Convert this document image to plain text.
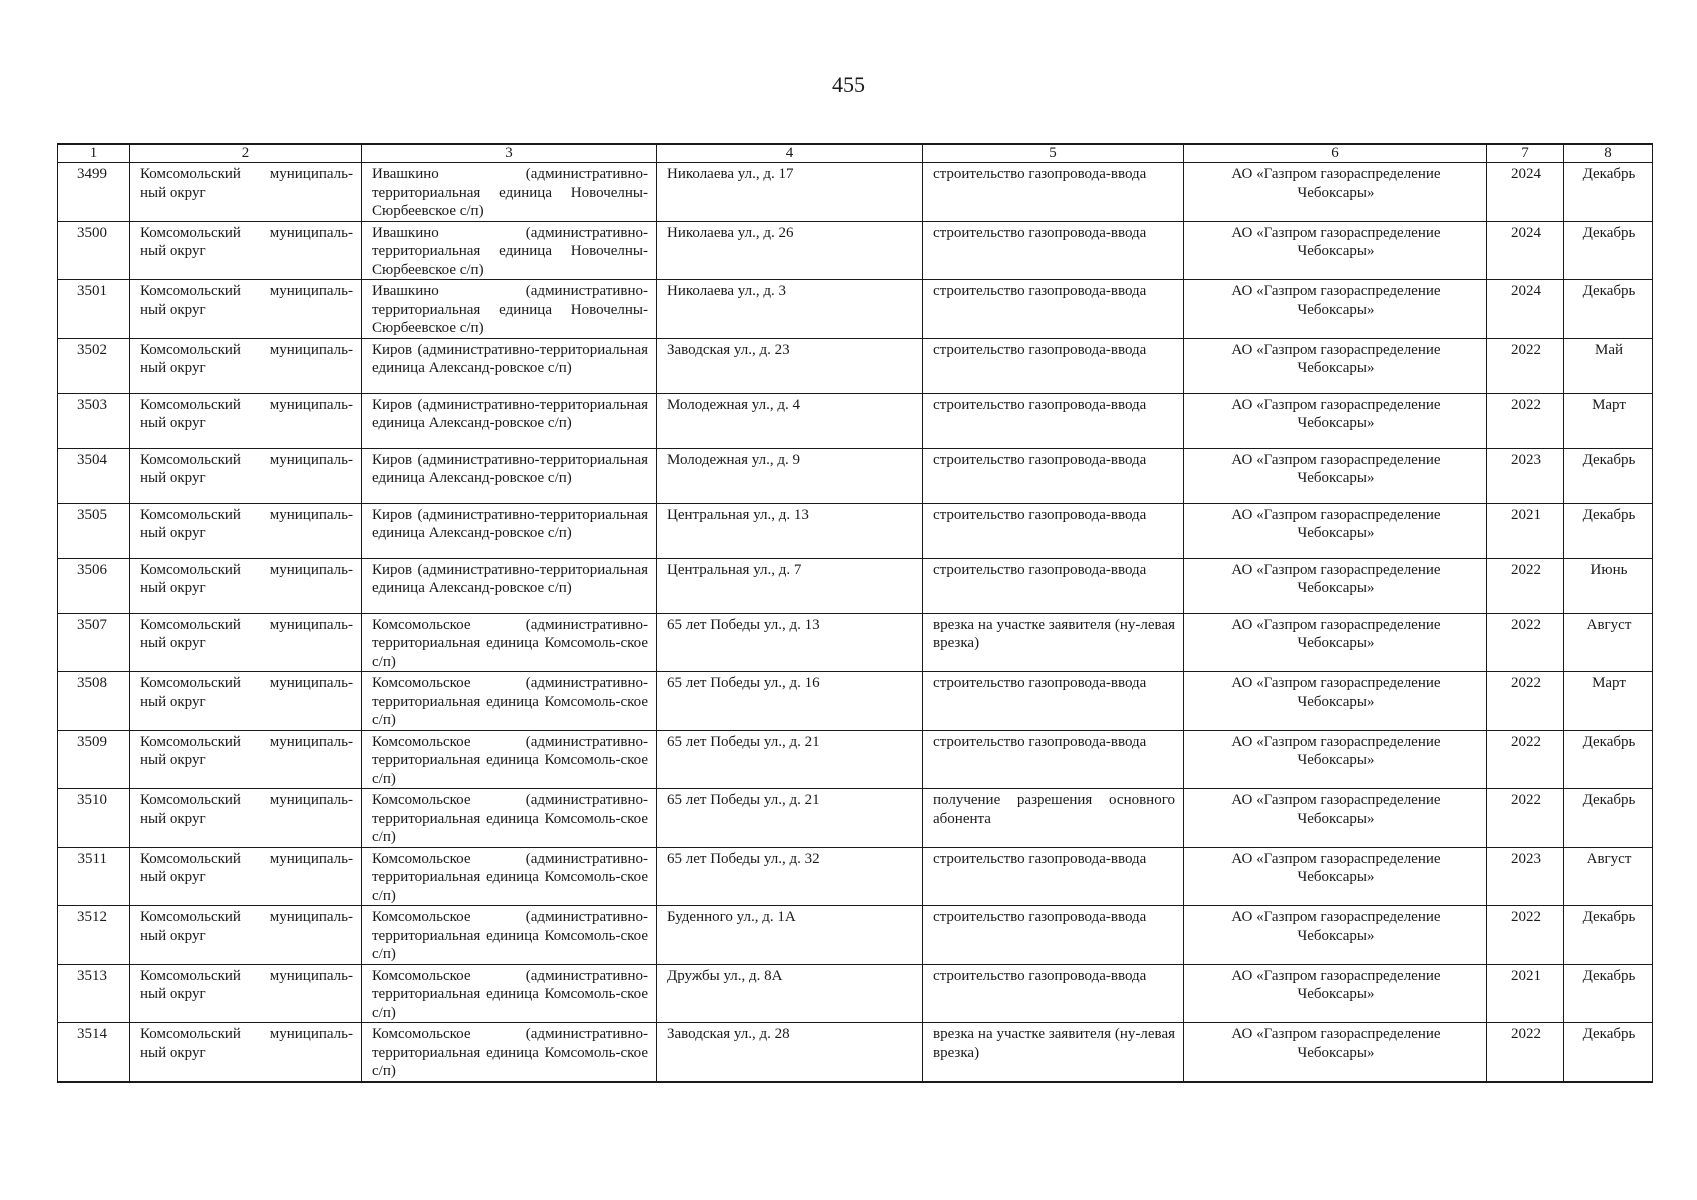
455
1	2	3	4	5	6	7	8
3499	Комсомольский муниципаль-ный округ	Ивашкино (административно-территориальная единица Новочелны-Сюрбеевское с/п)	Николаева ул., д. 17	строительство газопровода-ввода	АО «Газпром газораспределение Чебоксары»	2024	Декабрь
3500	Комсомольский муниципаль-ный округ	Ивашкино (административно-территориальная единица Новочелны-Сюрбеевское с/п)	Николаева ул., д. 26	строительство газопровода-ввода	АО «Газпром газораспределение Чебоксары»	2024	Декабрь
3501	Комсомольский муниципаль-ный округ	Ивашкино (административно-территориальная единица Новочелны-Сюрбеевское с/п)	Николаева ул., д. 3	строительство газопровода-ввода	АО «Газпром газораспределение Чебоксары»	2024	Декабрь
3502	Комсомольский муниципаль-ный округ	Киров (административно-территориальная единица Александ-ровское с/п)	Заводская ул., д. 23	строительство газопровода-ввода	АО «Газпром газораспределение Чебоксары»	2022	Май
3503	Комсомольский муниципаль-ный округ	Киров (административно-территориальная единица Александ-ровское с/п)	Молодежная ул., д. 4	строительство газопровода-ввода	АО «Газпром газораспределение Чебоксары»	2022	Март
3504	Комсомольский муниципаль-ный округ	Киров (административно-территориальная единица Александ-ровское с/п)	Молодежная ул., д. 9	строительство газопровода-ввода	АО «Газпром газораспределение Чебоксары»	2023	Декабрь
3505	Комсомольский муниципаль-ный округ	Киров (административно-территориальная единица Александ-ровское с/п)	Центральная ул., д. 13	строительство газопровода-ввода	АО «Газпром газораспределение Чебоксары»	2021	Декабрь
3506	Комсомольский муниципаль-ный округ	Киров (административно-территориальная единица Александ-ровское с/п)	Центральная ул., д. 7	строительство газопровода-ввода	АО «Газпром газораспределение Чебоксары»	2022	Июнь
3507	Комсомольский муниципаль-ный округ	Комсомольское (административно-территориальная единица Комсомоль-ское с/п)	65 лет Победы ул., д. 13	врезка на участке заявителя (ну-левая врезка)	АО «Газпром газораспределение Чебоксары»	2022	Август
3508	Комсомольский муниципаль-ный округ	Комсомольское (административно-территориальная единица Комсомоль-ское с/п)	65 лет Победы ул., д. 16	строительство газопровода-ввода	АО «Газпром газораспределение Чебоксары»	2022	Март
3509	Комсомольский муниципаль-ный округ	Комсомольское (административно-территориальная единица Комсомоль-ское с/п)	65 лет Победы ул., д. 21	строительство газопровода-ввода	АО «Газпром газораспределение Чебоксары»	2022	Декабрь
3510	Комсомольский муниципаль-ный округ	Комсомольское (административно-территориальная единица Комсомоль-ское с/п)	65 лет Победы ул., д. 21	получение разрешения основного абонента	АО «Газпром газораспределение Чебоксары»	2022	Декабрь
3511	Комсомольский муниципаль-ный округ	Комсомольское (административно-территориальная единица Комсомоль-ское с/п)	65 лет Победы ул., д. 32	строительство газопровода-ввода	АО «Газпром газораспределение Чебоксары»	2023	Август
3512	Комсомольский муниципаль-ный округ	Комсомольское (административно-территориальная единица Комсомоль-ское с/п)	Буденного ул., д. 1А	строительство газопровода-ввода	АО «Газпром газораспределение Чебоксары»	2022	Декабрь
3513	Комсомольский муниципаль-ный округ	Комсомольское (административно-территориальная единица Комсомоль-ское с/п)	Дружбы ул., д. 8А	строительство газопровода-ввода	АО «Газпром газораспределение Чебоксары»	2021	Декабрь
3514	Комсомольский муниципаль-ный округ	Комсомольское (административно-территориальная единица Комсомоль-ское с/п)	Заводская ул., д. 28	врезка на участке заявителя (ну-левая врезка)	АО «Газпром газораспределение Чебоксары»	2022	Декабрь
